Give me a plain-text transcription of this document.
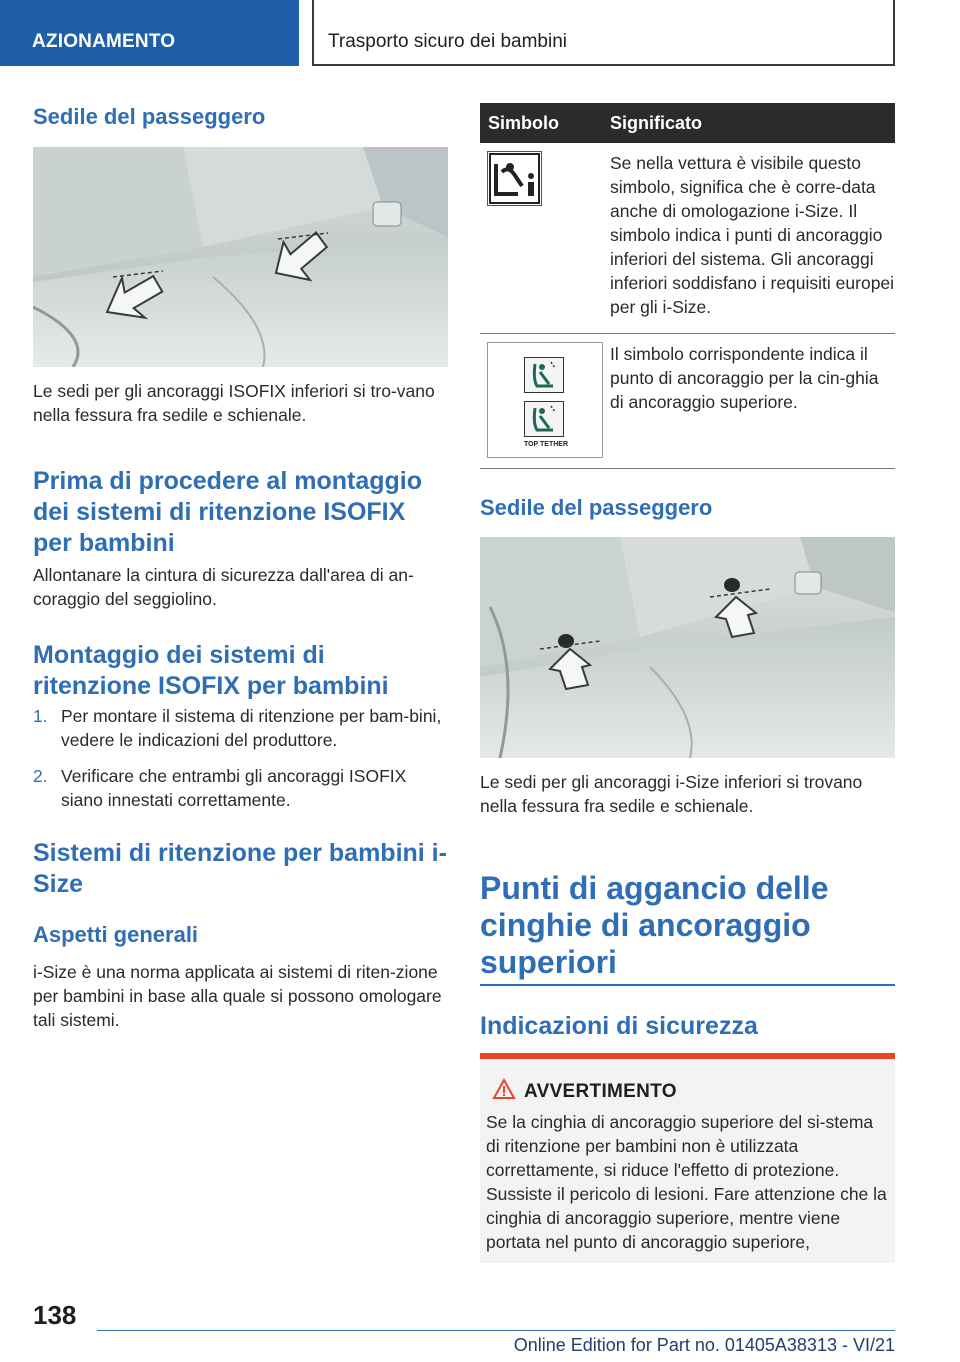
AZIONAMENTO	Trasporto sicuro dei bambini
Sedile del passeggero
Le sedi per gli ancoraggi ISOFIX inferiori si tro-vano nella fessura fra sedile e schienale.
Prima di procedere al montaggio dei sistemi di ritenzione ISOFIX per bambini
Allontanare la cintura di sicurezza dall'area di an-coraggio del seggiolino.
Montaggio dei sistemi di ritenzione ISOFIX per bambini
1. Per montare il sistema di ritenzione per bam-bini, vedere le indicazioni del produttore.
2. Verificare che entrambi gli ancoraggi ISOFIX siano innestati correttamente.
Sistemi di ritenzione per bambini i-Size
Aspetti generali
i-Size è una norma applicata ai sistemi di riten-zione per bambini in base alla quale si possono omologare tali sistemi.
Simbolo	Significato
Se nella vettura è visibile questo simbolo, significa che è corre-data anche di omologazione i-Size. Il simbolo indica i punti di ancoraggio inferiori del sistema. Gli ancoraggi inferiori soddisfano i requisiti europei per gli i-Size.
TOP TETHER
Il simbolo corrispondente indica il punto di ancoraggio per la cin-ghia di ancoraggio superiore.
Sedile del passeggero
Le sedi per gli ancoraggi i-Size inferiori si trovano nella fessura fra sedile e schienale.
Punti di aggancio delle cinghie di ancoraggio superiori
Indicazioni di sicurezza
AVVERTIMENTO
Se la cinghia di ancoraggio superiore del si-stema di ritenzione per bambini non è utilizzata correttamente, si riduce l'effetto di protezione. Sussiste il pericolo di lesioni. Fare attenzione che la cinghia di ancoraggio superiore, mentre viene portata nel punto di ancoraggio superiore,
138
Online Edition for Part no. 01405A38313 - VI/21
